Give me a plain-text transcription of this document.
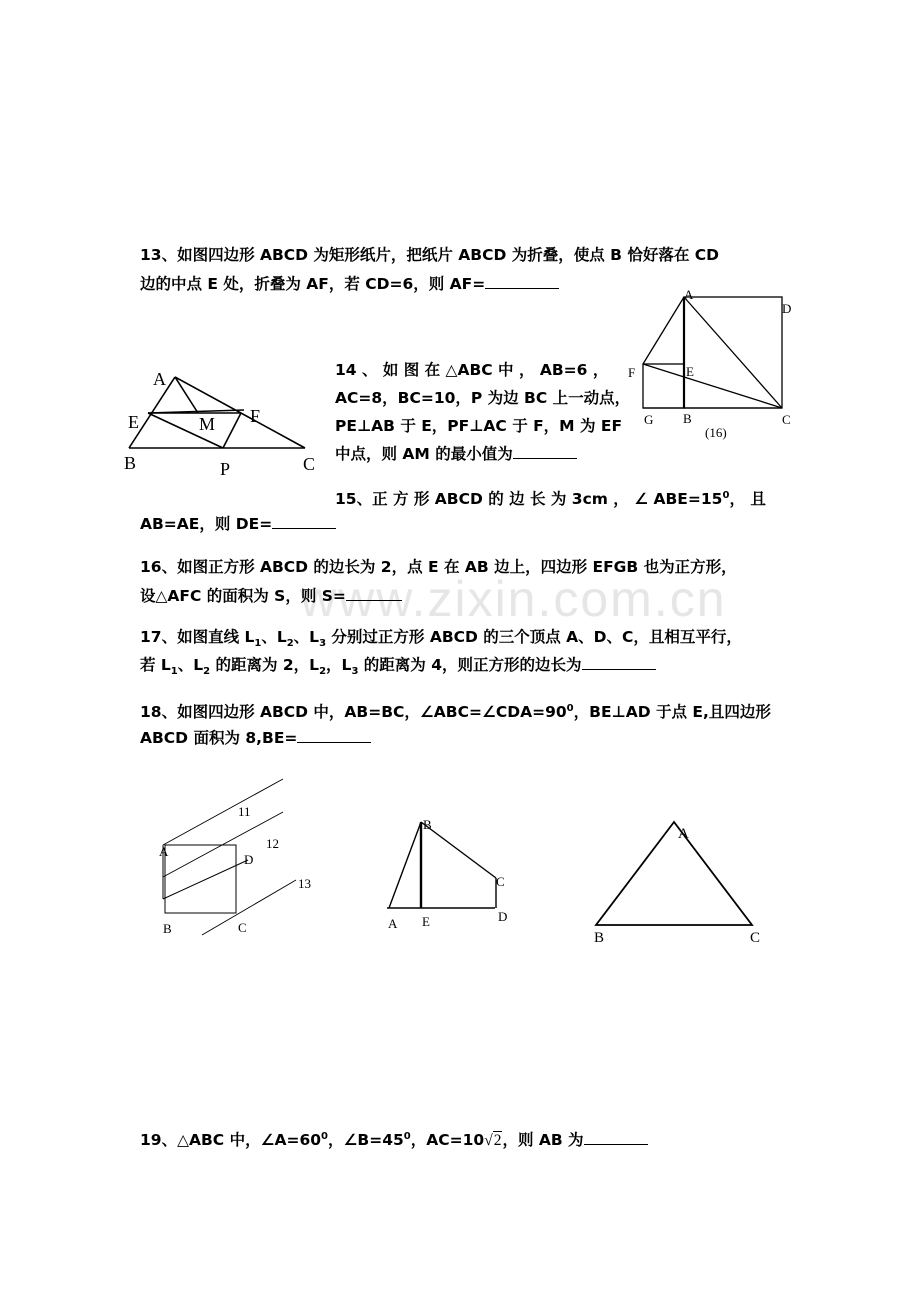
www.zixin.com.cn
13、如图四边形 ABCD 为矩形纸片，把纸片 ABCD 为折叠，使点 B 恰好落在 CD
边的中点 E 处，折叠为 AF，若 CD=6，则 AF=
14 、 如 图 在 △ABC 中 ， AB=6 ，
AC=8，BC=10，P 为边 BC 上一动点，
PE⊥AB 于 E，PF⊥AC 于 F，M 为 EF
中点，则 AM 的最小值为
15、正 方 形 ABCD 的 边 长 为 3cm ， ∠ $ABE=15^0$， 且
AB=AE，则 DE=
16、如图正方形 ABCD 的边长为 2，点 E 在 AB 边上，四边形 EFGB 也为正方形，
设△AFC 的面积为 S，则 S=
17、如图直线 $L_1$、$L_2$、$L_3$ 分别过正方形 ABCD 的三个顶点 A、D、C，且相互平行，
若 $L_1$、$L_2$ 的距离为 2，$L_2$，$L_3$ 的距离为 4，则正方形的边长为
18、如图四边形 ABCD 中，AB=BC，$\angle ABC=\angle CDA=90^0$，BE⊥AD 于点 E,且四边形
ABCD 面积为 8,BE=
19、△ABC 中，$\angle A=60^0$，$\angle B=45^0$，AC=10√2，则 AB 为
A
E	M F
B	P	C
A
D
F	E
G B	C
(16)
11
12
13
A
D
B	C
B
C
A E	D
A
B	C
